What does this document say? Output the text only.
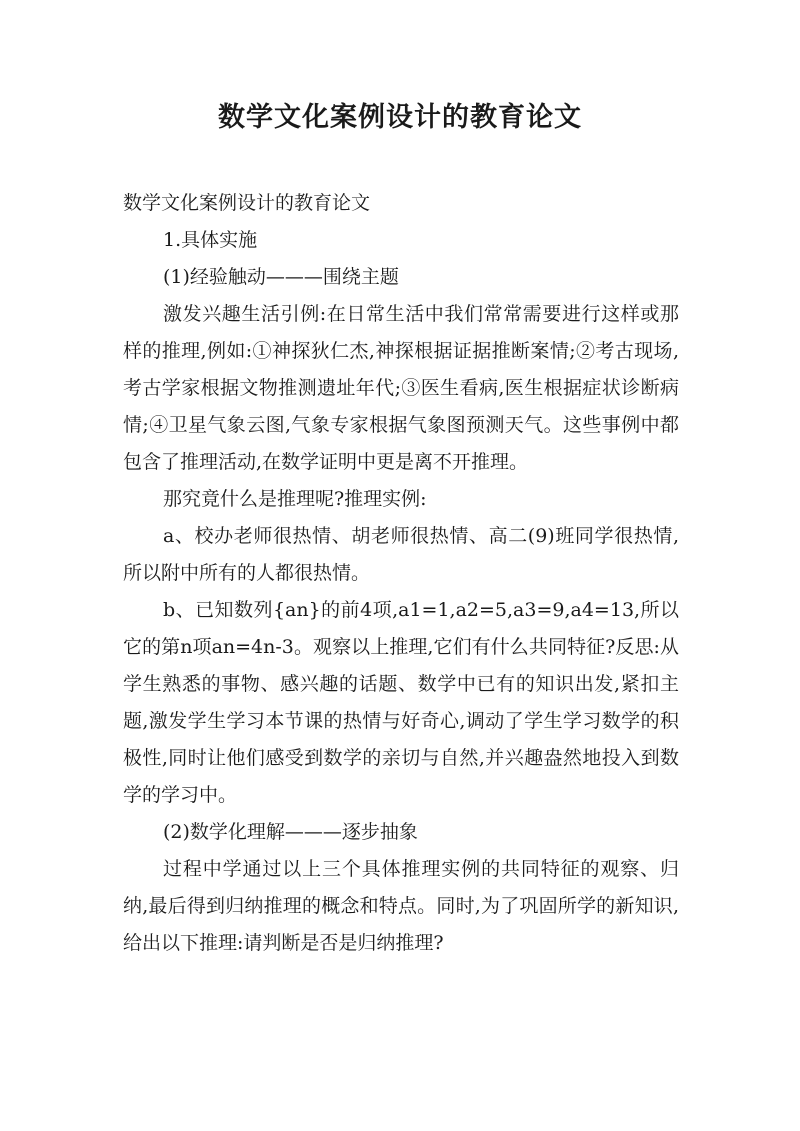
数学文化案例设计的教育论文

数学文化案例设计的教育论文

1.具体实施

(1)经验触动———围绕主题

激发兴趣生活引例:在日常生活中我们常常需要进行这样或那样的推理,例如:①神探狄仁杰,神探根据证据推断案情;②考古现场,考古学家根据文物推测遗址年代;③医生看病,医生根据症状诊断病情;④卫星气象云图,气象专家根据气象图预测天气。这些事例中都包含了推理活动,在数学证明中更是离不开推理。

那究竟什么是推理呢?推理实例:

a、校办老师很热情、胡老师很热情、高二(9)班同学很热情,所以附中所有的人都很热情。

b、已知数列{an}的前4项,a1=1,a2=5,a3=9,a4=13,所以它的第n项an=4n-3。观察以上推理,它们有什么共同特征?反思:从学生熟悉的事物、感兴趣的话题、数学中已有的知识出发,紧扣主题,激发学生学习本节课的热情与好奇心,调动了学生学习数学的积极性,同时让他们感受到数学的亲切与自然,并兴趣盎然地投入到数学的学习中。

(2)数学化理解———逐步抽象

过程中学通过以上三个具体推理实例的共同特征的观察、归纳,最后得到归纳推理的概念和特点。同时,为了巩固所学的新知识,给出以下推理:请判断是否是归纳推理?
